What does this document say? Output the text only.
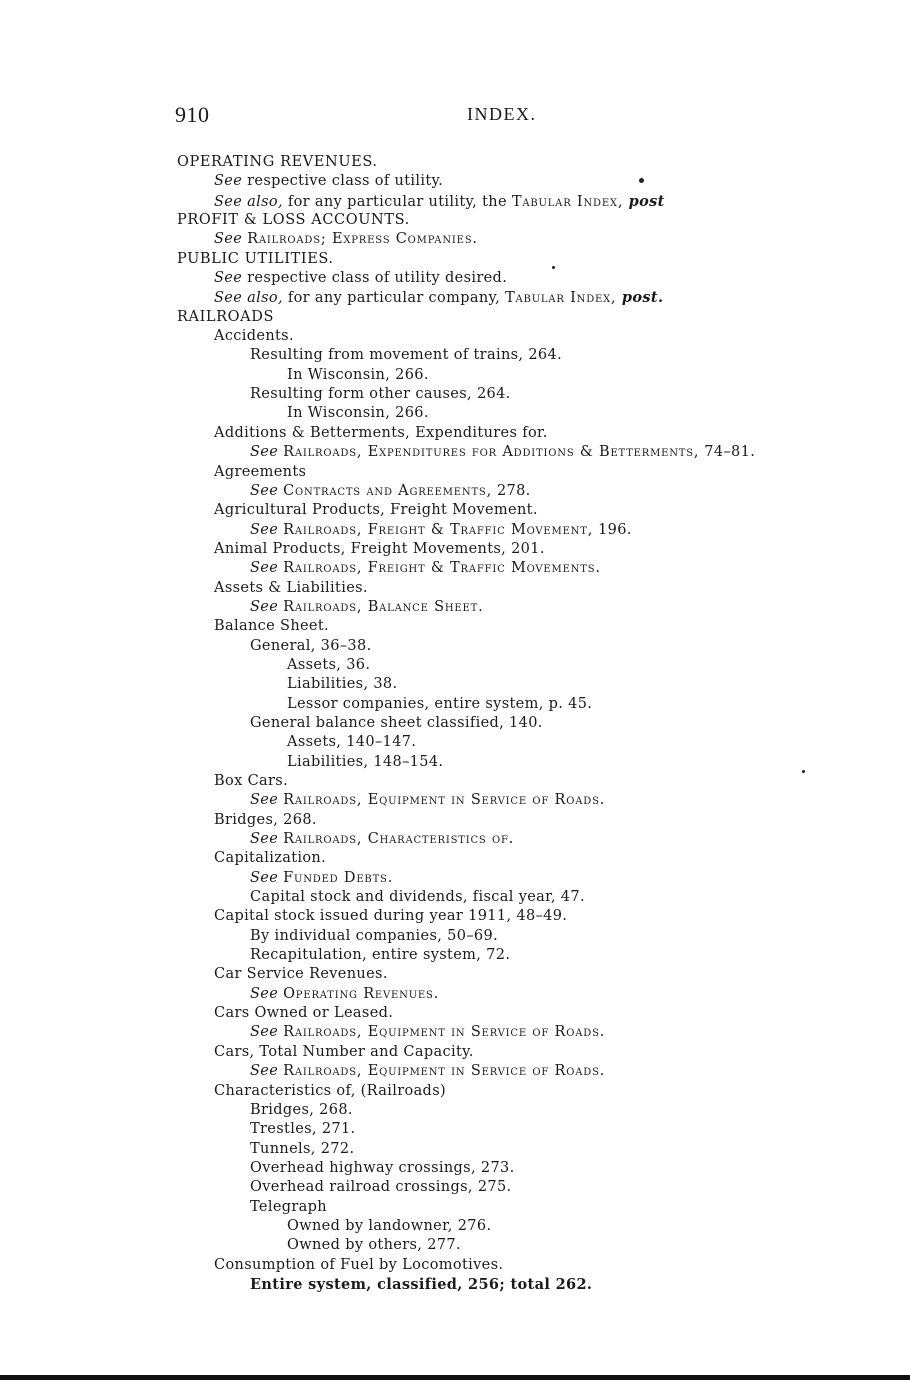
910	INDEX.
OPERATING REVENUES.
See respective class of utility.
See also, for any particular utility, the Tabular Index, post
PROFIT & LOSS ACCOUNTS.
See Railroads; Express Companies.
PUBLIC UTILITIES.
See respective class of utility desired.
See also, for any particular company, Tabular Index, post.
RAILROADS
Accidents.
Resulting from movement of trains, 264.
In Wisconsin, 266.
Resulting form other causes, 264.
In Wisconsin, 266.
Additions & Betterments, Expenditures for.
See Railroads, Expenditures for Additions & Betterments, 74–81.
Agreements
See Contracts and Agreements, 278.
Agricultural Products, Freight Movement.
See Railroads, Freight & Traffic Movement, 196.
Animal Products, Freight Movements, 201.
See Railroads, Freight & Traffic Movements.
Assets & Liabilities.
See Railroads, Balance Sheet.
Balance Sheet.
General, 36–38.
Assets, 36.
Liabilities, 38.
Lessor companies, entire system, p. 45.
General balance sheet classified, 140.
Assets, 140–147.
Liabilities, 148–154.
Box Cars.
See Railroads, Equipment in Service of Roads.
Bridges, 268.
See Railroads, Characteristics of.
Capitalization.
See Funded Debts.
Capital stock and dividends, fiscal year, 47.
Capital stock issued during year 1911, 48–49.
By individual companies, 50–69.
Recapitulation, entire system, 72.
Car Service Revenues.
See Operating Revenues.
Cars Owned or Leased.
See Railroads, Equipment in Service of Roads.
Cars, Total Number and Capacity.
See Railroads, Equipment in Service of Roads.
Characteristics of, (Railroads)
Bridges, 268.
Trestles, 271.
Tunnels, 272.
Overhead highway crossings, 273.
Overhead railroad crossings, 275.
Telegraph
Owned by landowner, 276.
Owned by others, 277.
Consumption of Fuel by Locomotives.
Entire system, classified, 256; total 262.
